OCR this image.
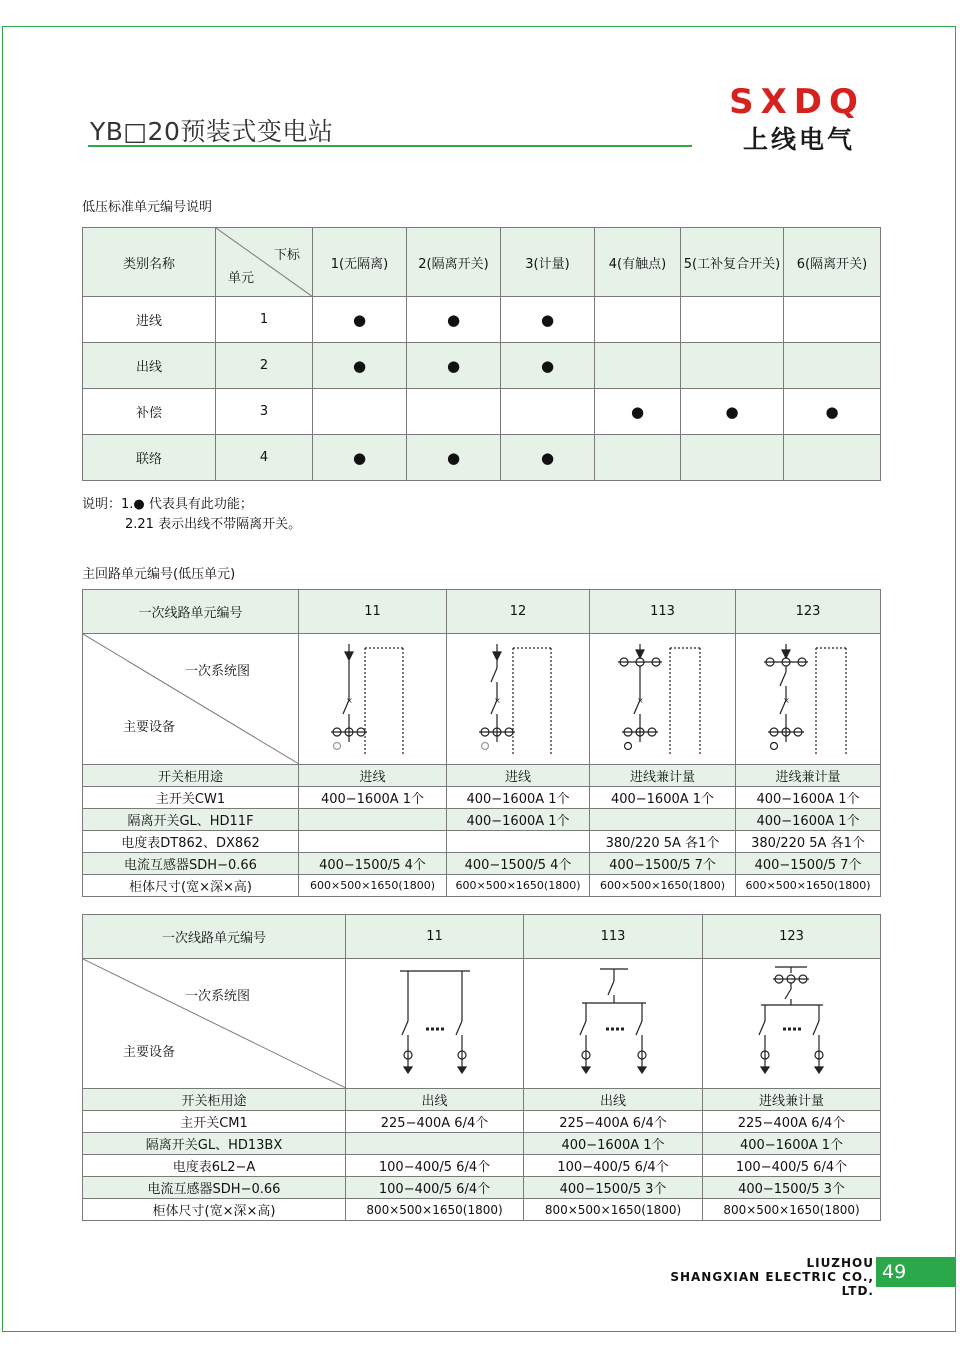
YB□20预装式变电站
SXDQ
上线电气
低压标准单元编号说明
类别名称	下标
单元	1(无隔离)	2(隔离开关)	3(计量)	4(有触点)	5(工补复合开关)	6(隔离开关)
进线	1	●	●	●			
出线	2	●	●	●			
补偿	3				●	●	●
联络	4	●	●	●			
说明：1.● 代表具有此功能；
2.21 表示出线不带隔离开关。
主回路单元编号(低压单元)
一次线路单元编号	11	12	113	123

一次系统图
主要设备	×	×	×	×

开关柜用途	进线	进线	进线兼计量	进线兼计量
主开关CW1	400−1600A 1个	400−1600A 1个	400−1600A 1个	400−1600A 1个
隔离开关GL、HD11F		400−1600A 1个		400−1600A 1个
电度表DT862、DX862			380/220 5A 各1个	380/220 5A 各1个
电流互感器SDH−0.66	400−1500/5 4个	400−1500/5 4个	400−1500/5 7个	400−1500/5 7个
柜体尺寸(宽×深×高)	600×500×1650(1800)	600×500×1650(1800)	600×500×1650(1800)	600×500×1650(1800)
一次线路单元编号	11	113	123

一次系统图
主要设备

开关柜用途	出线	出线	进线兼计量
主开关CM1	225−400A 6/4个	225−400A 6/4个	225−400A 6/4个
隔离开关GL、HD13BX		400−1600A 1个	400−1600A 1个
电度表6L2−A	100−400/5 6/4个	100−400/5 6/4个	100−400/5 6/4个
电流互感器SDH−0.66	100−400/5 6/4个	400−1500/5 3个	400−1500/5 3个
柜体尺寸(宽×深×高)	800×500×1650(1800)	800×500×1650(1800)	800×500×1650(1800)
LIUZHOU
SHANGXIAN ELECTRIC CO., LTD.
49
